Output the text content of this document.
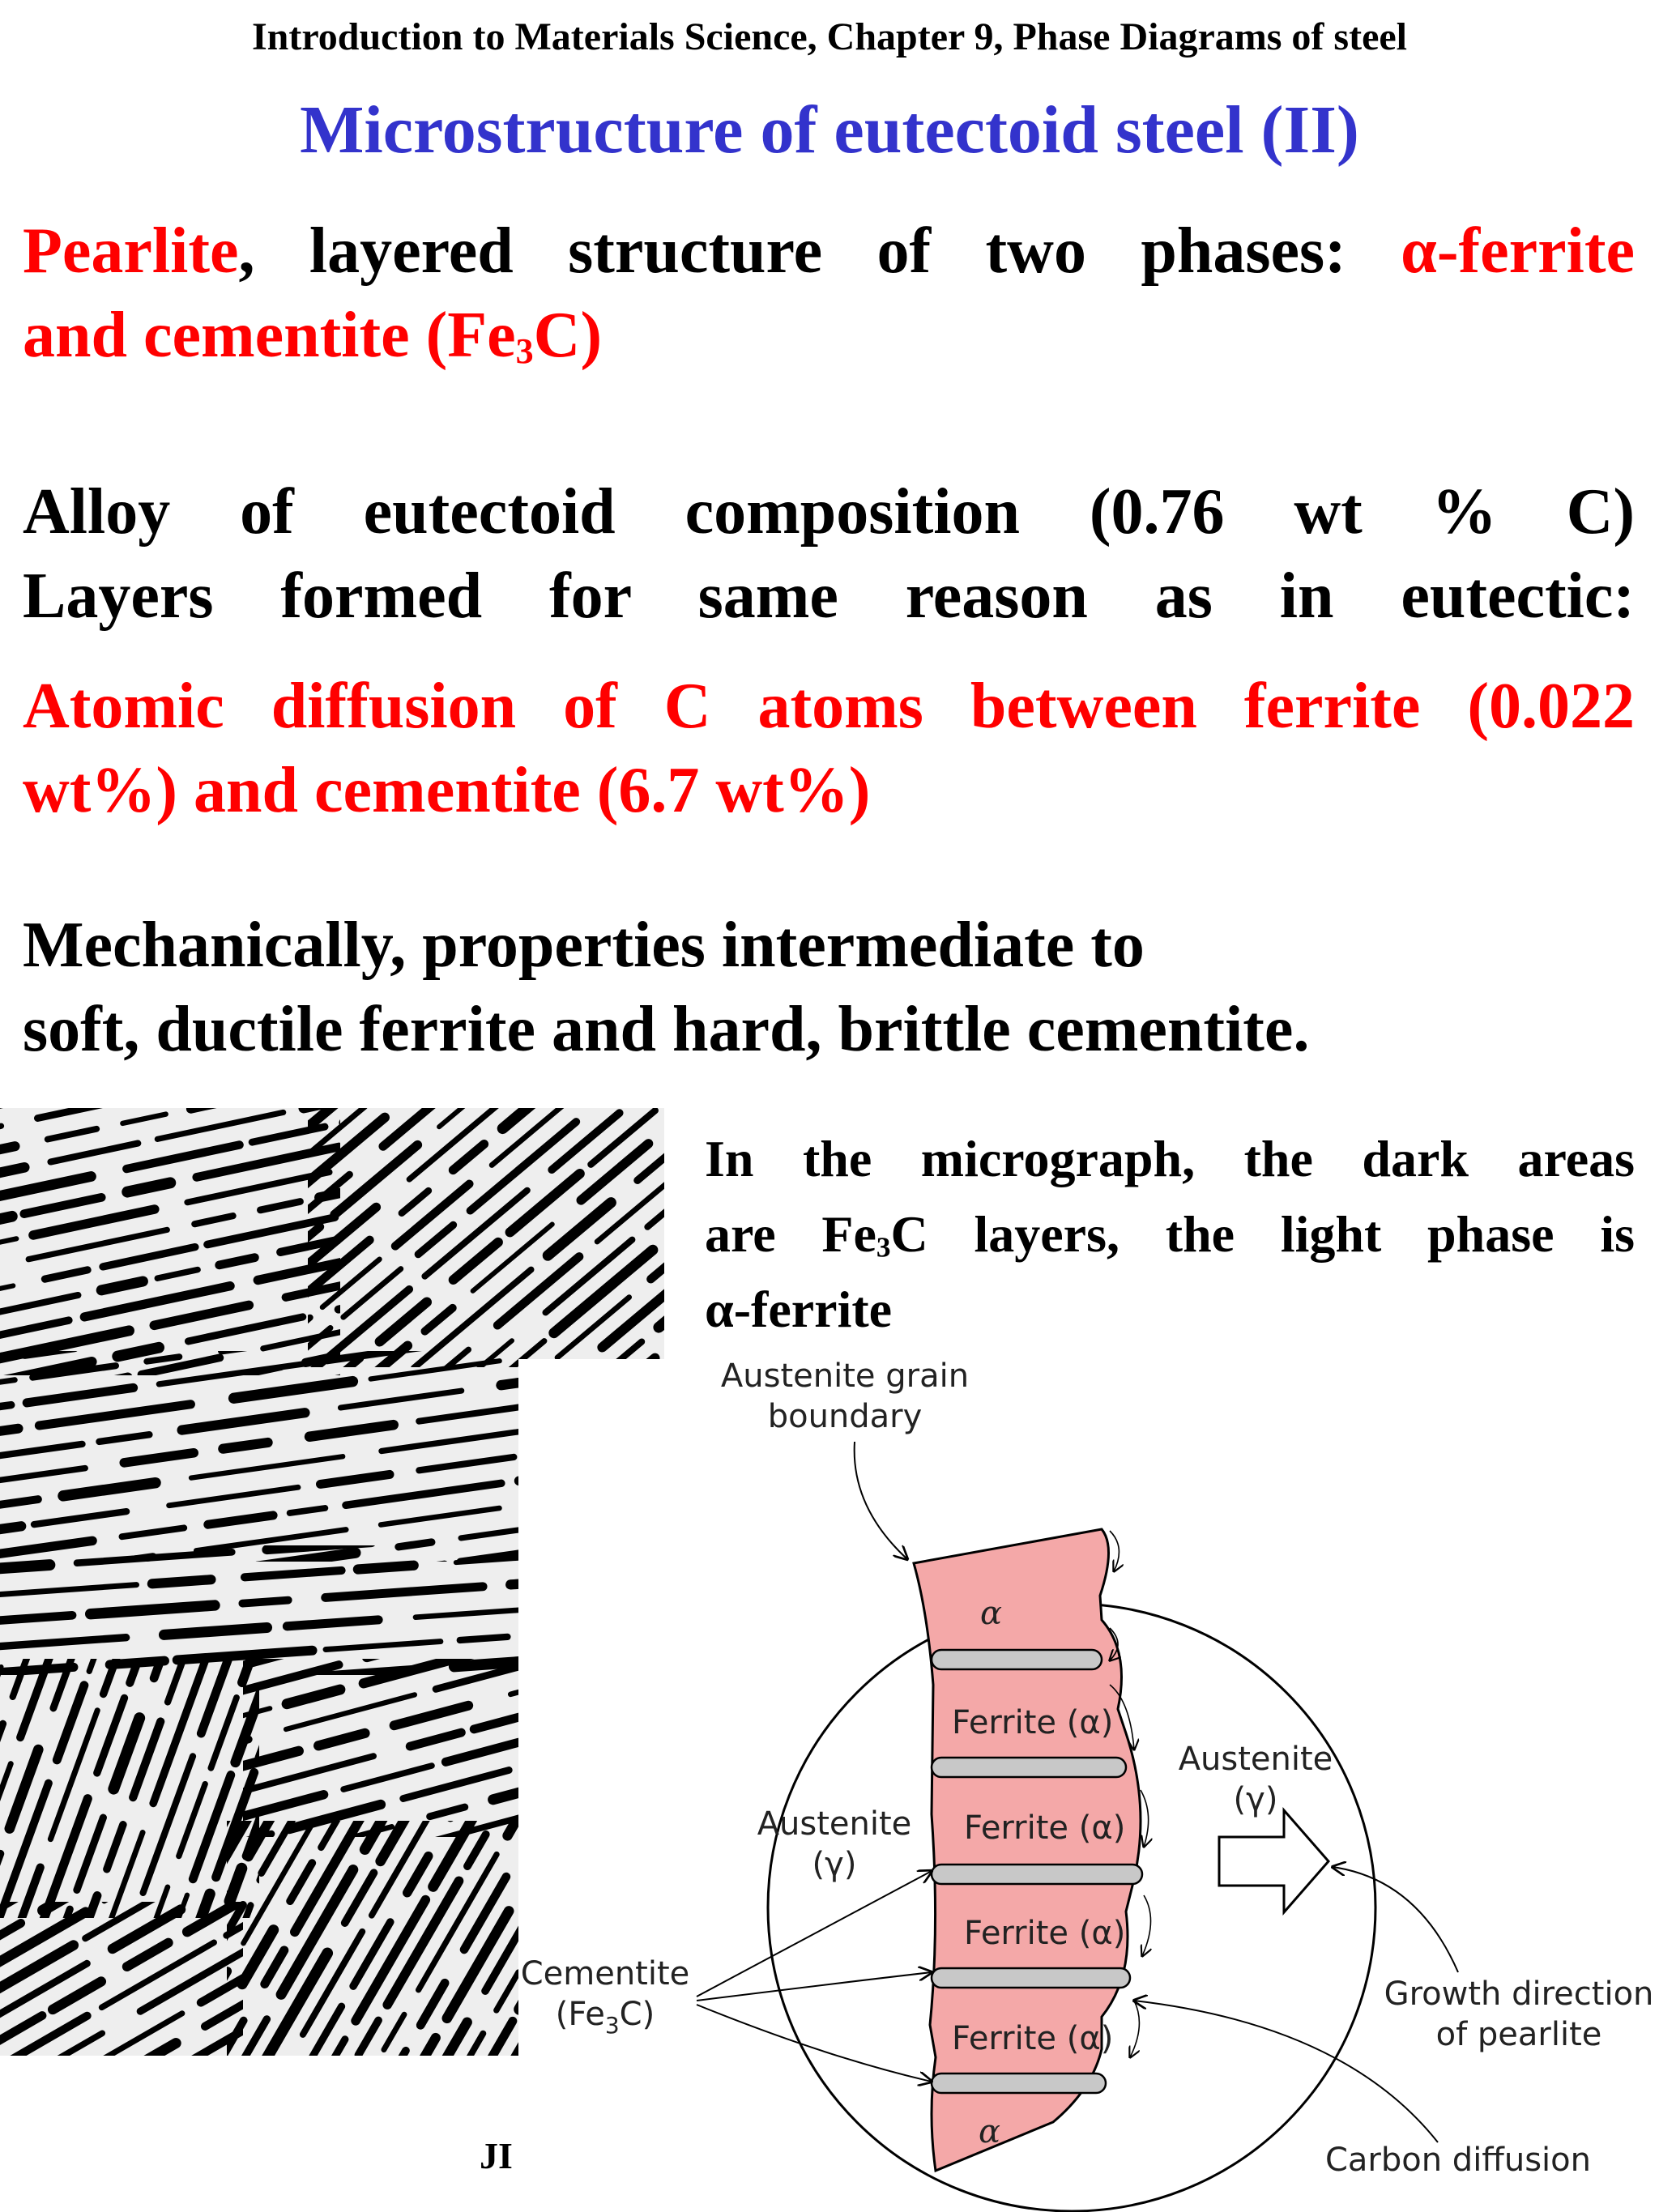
Introduction to Materials Science, Chapter 9, Phase Diagrams of steel
Microstructure of eutectoid steel (II)
Pearlite, layered structure of two phases: α-ferrite
and cementite $(Fe_3C)$
Alloy of eutectoid composition (0.76 wt % C)
Layers formed for same reason as in eutectic:
Atomic diffusion of C atoms between ferrite (0.022
wt%) and cementite (6.7 wt%)
Mechanically, properties intermediate to
soft, ductile ferrite and hard, brittle cementite.
In the micrograph, the dark areas
are $Fe_3C$ layers, the light phase is
α-ferrite
JI
α
Ferrite (α)
Ferrite (α)
Ferrite (α)
Ferrite (α)
α
Austenite grain
boundary
Austenite
(γ)
Austenite
(γ)
Cementite
$(Fe_3C)$
Growth direction
of pearlite
Carbon diffusion
